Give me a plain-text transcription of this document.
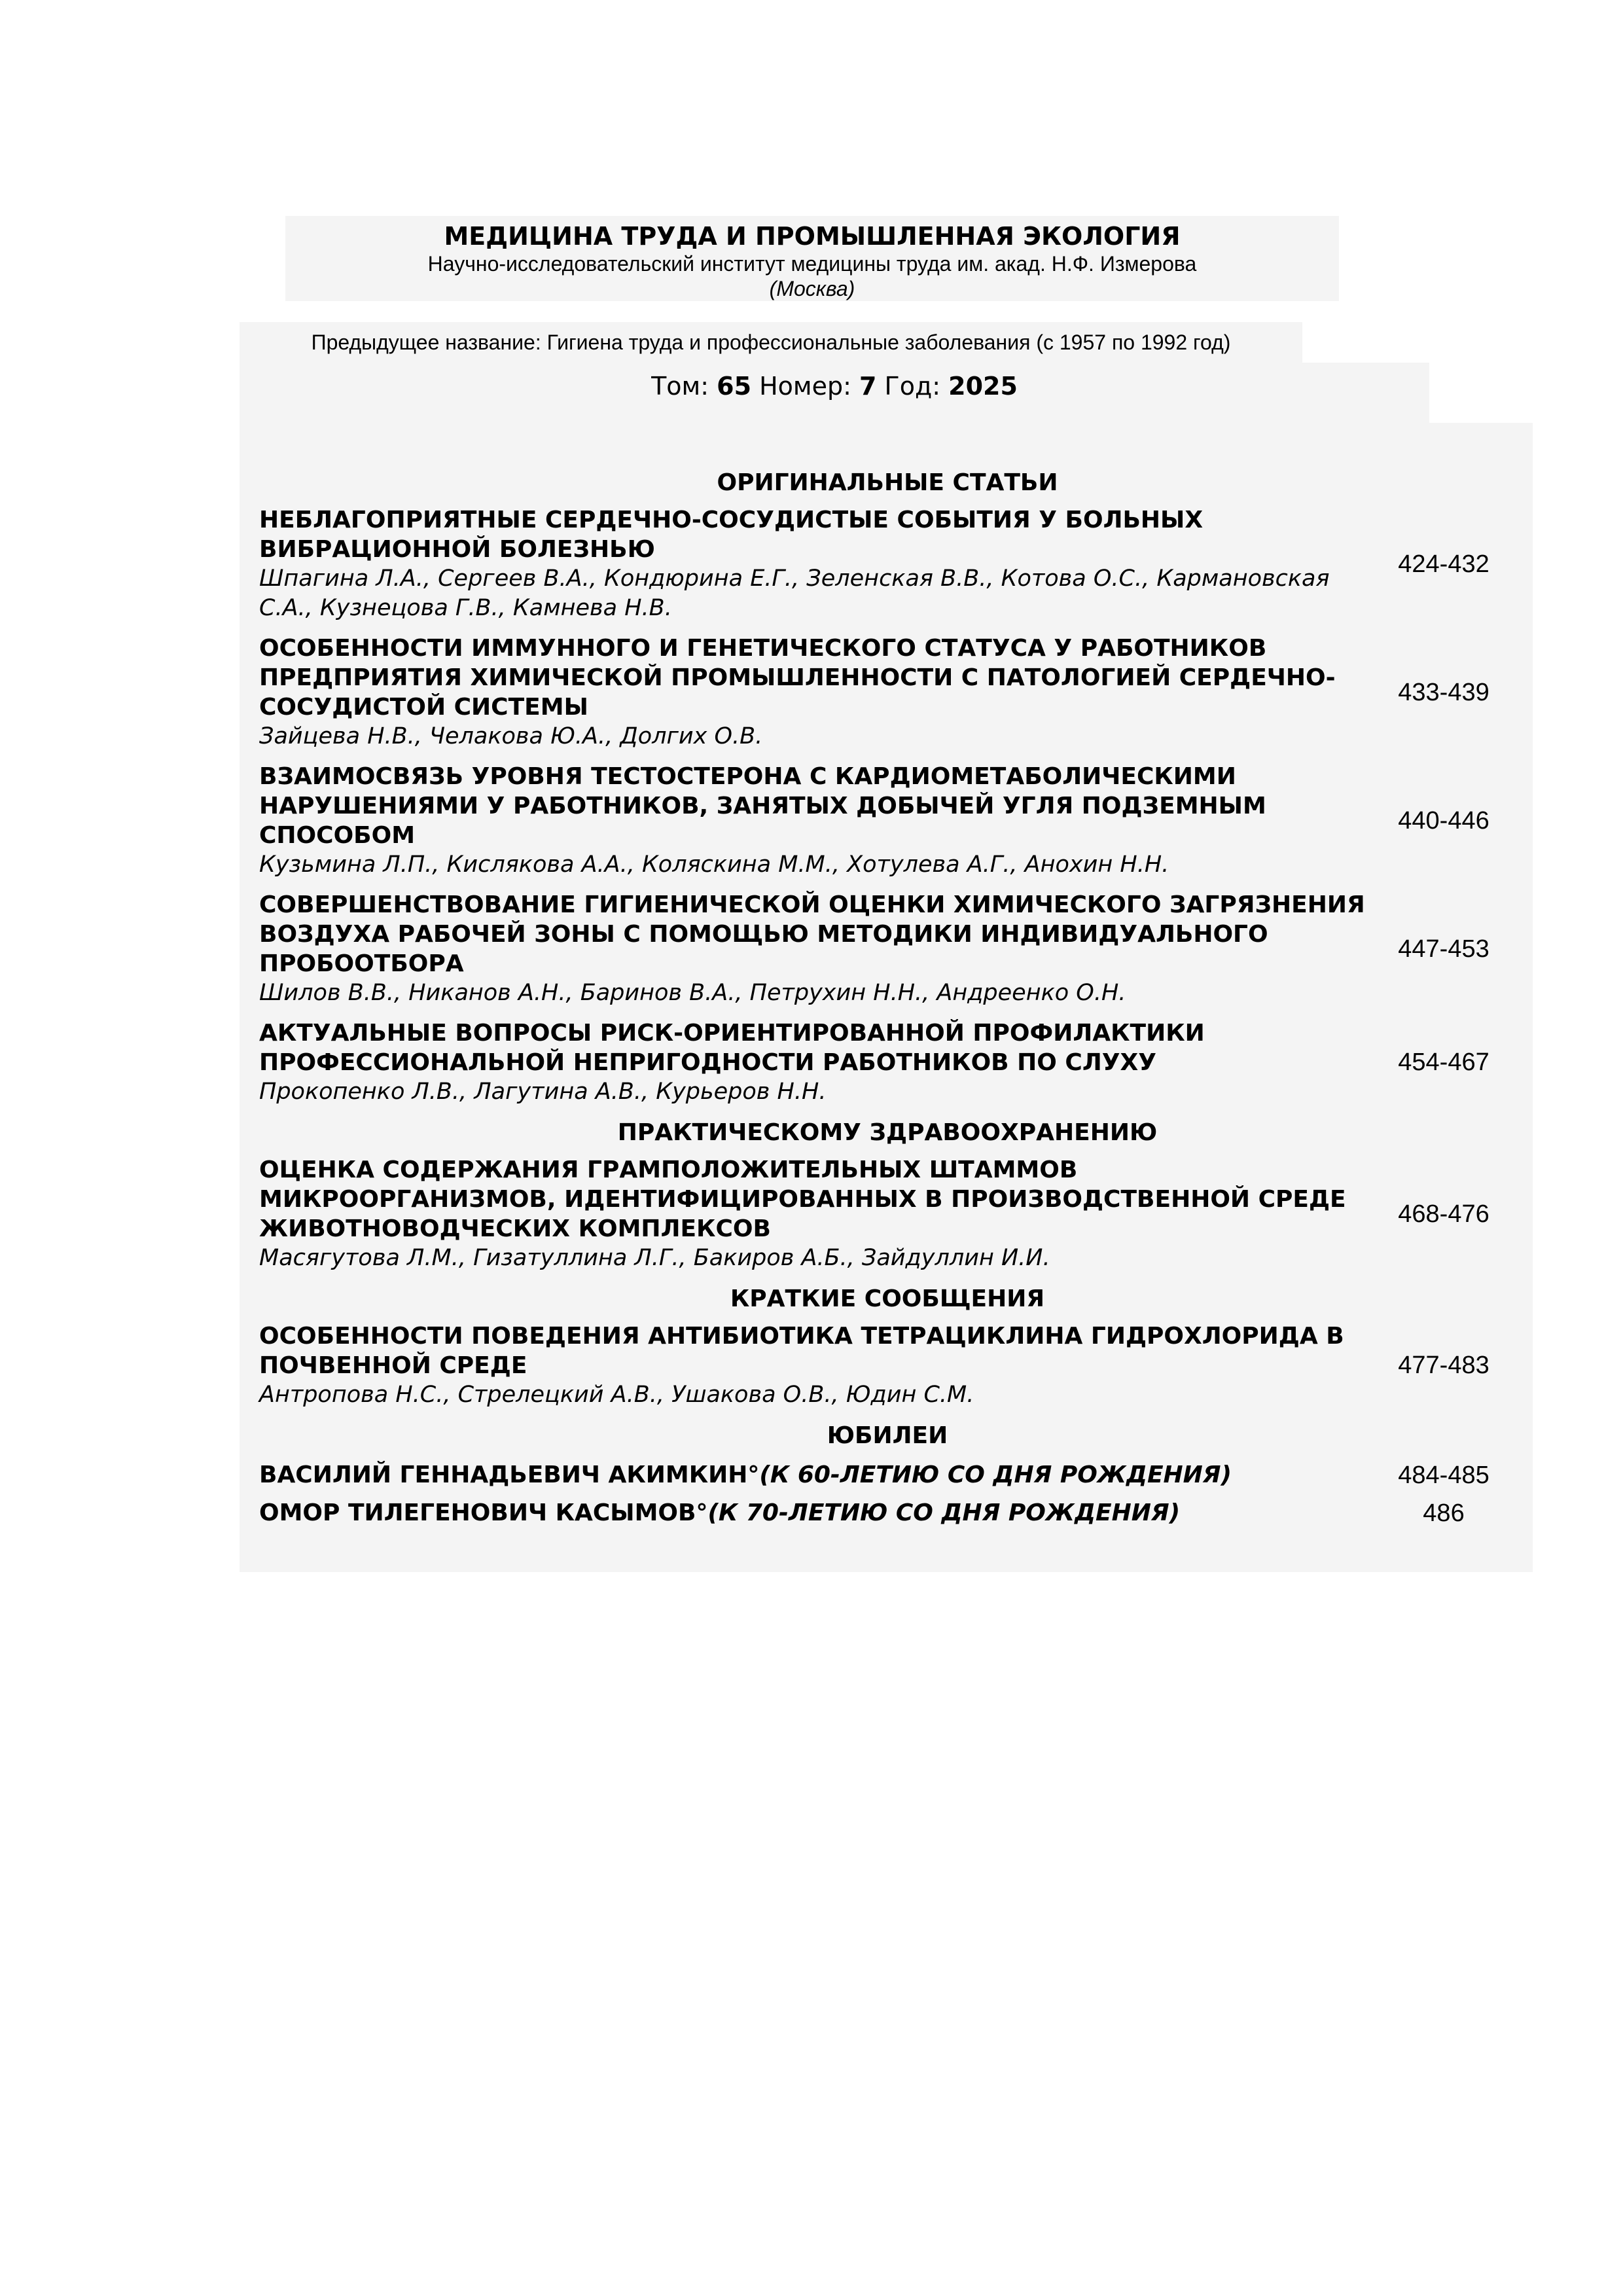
МЕДИЦИНА ТРУДА И ПРОМЫШЛЕННАЯ ЭКОЛОГИЯ
Научно-исследовательский институт медицины труда им. акад. Н.Ф. Измерова
(Москва)
Предыдущее название: Гигиена труда и профессиональные заболевания (с 1957 по 1992 год)
Том: 65 Номер: 7 Год: 2025
ОРИГИНАЛЬНЫЕ СТАТЬИ
НЕБЛАГОПРИЯТНЫЕ СЕРДЕЧНО-СОСУДИСТЫЕ СОБЫТИЯ У БОЛЬНЫХ ВИБРАЦИОННОЙ БОЛЕЗНЬЮ
Шпагина Л.А., Сергеев В.А., Кондюрина Е.Г., Зеленская В.В., Котова О.С., Кармановская С.А., Кузнецова Г.В., Камнева Н.В.
424-432
ОСОБЕННОСТИ ИММУННОГО И ГЕНЕТИЧЕСКОГО СТАТУСА У РАБОТНИКОВ ПРЕДПРИЯТИЯ ХИМИЧЕСКОЙ ПРОМЫШЛЕННОСТИ С ПАТОЛОГИЕЙ СЕРДЕЧНО-СОСУДИСТОЙ СИСТЕМЫ
Зайцева Н.В., Челакова Ю.А., Долгих О.В.
433-439
ВЗАИМОСВЯЗЬ УРОВНЯ ТЕСТОСТЕРОНА С КАРДИОМЕТАБОЛИЧЕСКИМИ НАРУШЕНИЯМИ У РАБОТНИКОВ, ЗАНЯТЫХ ДОБЫЧЕЙ УГЛЯ ПОДЗЕМНЫМ СПОСОБОМ
Кузьмина Л.П., Кислякова А.А., Коляскина М.М., Хотулева А.Г., Анохин Н.Н.
440-446
СОВЕРШЕНСТВОВАНИЕ ГИГИЕНИЧЕСКОЙ ОЦЕНКИ ХИМИЧЕСКОГО ЗАГРЯЗНЕНИЯ ВОЗДУХА РАБОЧЕЙ ЗОНЫ С ПОМОЩЬЮ МЕТОДИКИ ИНДИВИДУАЛЬНОГО ПРОБООТБОРА
Шилов В.В., Никанов А.Н., Баринов В.А., Петрухин Н.Н., Андреенко О.Н.
447-453
АКТУАЛЬНЫЕ ВОПРОСЫ РИСК-ОРИЕНТИРОВАННОЙ ПРОФИЛАКТИКИ ПРОФЕССИОНАЛЬНОЙ НЕПРИГОДНОСТИ РАБОТНИКОВ ПО СЛУХУ
Прокопенко Л.В., Лагутина А.В., Курьеров Н.Н.
454-467
ПРАКТИЧЕСКОМУ ЗДРАВООХРАНЕНИЮ
ОЦЕНКА СОДЕРЖАНИЯ ГРАМПОЛОЖИТЕЛЬНЫХ ШТАММОВ МИКРООРГАНИЗМОВ, ИДЕНТИФИЦИРОВАННЫХ В ПРОИЗВОДСТВЕННОЙ СРЕДЕ ЖИВОТНОВОДЧЕСКИХ КОМПЛЕКСОВ
Масягутова Л.М., Гизатуллина Л.Г., Бакиров А.Б., Зайдуллин И.И.
468-476
КРАТКИЕ СООБЩЕНИЯ
ОСОБЕННОСТИ ПОВЕДЕНИЯ АНТИБИОТИКА ТЕТРАЦИКЛИНА ГИДРОХЛОРИДА В ПОЧВЕННОЙ СРЕДЕ
Антропова Н.С., Стрелецкий А.В., Ушакова О.В., Юдин С.М.
477-483
ЮБИЛЕИ
ВАСИЛИЙ ГЕННАДЬЕВИЧ АКИМКИН°(К 60-ЛЕТИЮ СО ДНЯ РОЖДЕНИЯ)	484-485
ОМОР ТИЛЕГЕНОВИЧ КАСЫМОВ°(К 70-ЛЕТИЮ СО ДНЯ РОЖДЕНИЯ)	486
